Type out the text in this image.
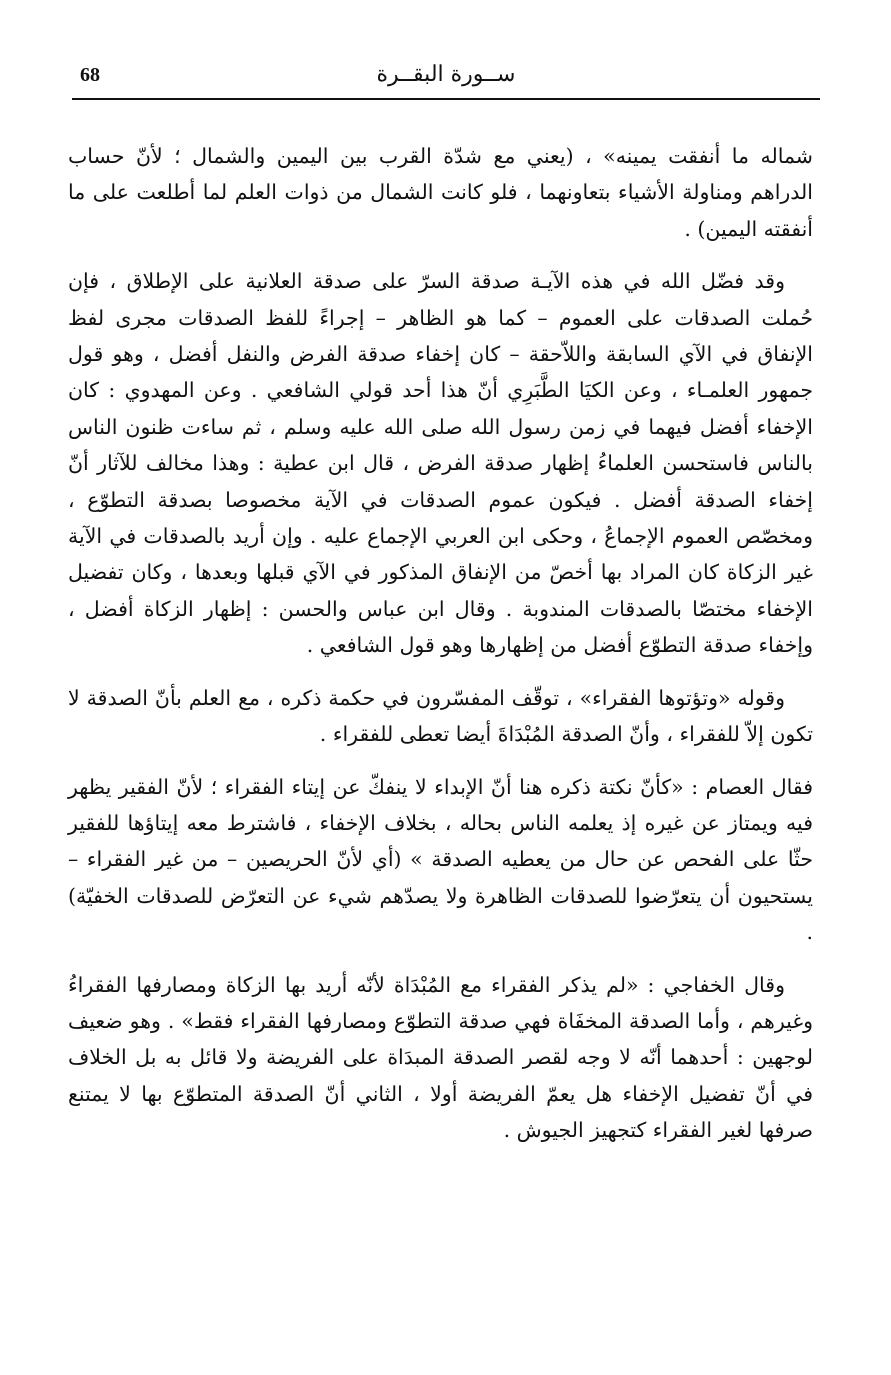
68	ســورة البقــرة

شماله ما أنفقت يمينه» ، (يعني مع شدّة القرب بين اليمين والشمال ؛ لأنّ حساب الدراهم ومناولة الأشياء بتعاونهما ، فلو كانت الشمال من ذوات العلم لما أطلعت على ما أنفقته اليمين) .

وقد فضّل الله في هذه الآيـة صدقة السرّ على صدقة العلانية على الإطلاق ، فإن حُملت الصدقات على العموم – كما هو الظاهر – إجراءً للفظ الصدقات مجرى لفظ الإنفاق في الآي السابقة واللاّحقة – كان إخفاء صدقة الفرض والنفل أفضل ، وهو قول جمهور العلمـاء ، وعن الكيَا الطَّبَرِي أنّ هذا أحد قولي الشافعي . وعن المهدوي : كان الإخفاء أفضل فيهما في زمن رسول الله صلى الله عليه وسلم ، ثم ساءت ظنون الناس بالناس فاستحسن العلماءُ إظهار صدقة الفرض ، قال ابن عطية : وهذا مخالف للآثار أنّ إخفاء الصدقة أفضل . فيكون عموم الصدقات في الآية مخصوصا بصدقة التطوّع ، ومخصّص العموم الإجماعُ ، وحكى ابن العربي الإجماع عليه . وإن أريد بالصدقات في الآية غير الزكاة كان المراد بها أخصّ من الإنفاق المذكور في الآي قبلها وبعدها ، وكان تفضيل الإخفاء مختصّا بالصدقات المندوبة . وقال ابن عباس والحسن : إظهار الزكاة أفضل ، وإخفاء صدقة التطوّع أفضل من إظهارها وهو قول الشافعي .

وقوله «وتؤتوها الفقراء» ، توقّف المفسّرون في حكمة ذكره ، مع العلم بأنّ الصدقة لا تكون إلاّ للفقراء ، وأنّ الصدقة المُبْدَاةَ أيضا تعطى للفقراء .

فقال العصام : «كأنّ نكتة ذكره هنا أنّ الإبداء لا ينفكّ عن إيتاء الفقراء ؛ لأنّ الفقير يظهر فيه ويمتاز عن غيره إذ يعلمه الناس بحاله ، بخلاف الإخفاء ، فاشترط معه إيتاؤها للفقير حثّا على الفحص عن حال من يعطيه الصدقة » (أي لأنّ الحريصين – من غير الفقراء – يستحيون أن يتعرّضوا للصدقات الظاهرة ولا يصدّهم شيء عن التعرّض للصدقات الخفيّة) .

وقال الخفاجي : «لم يذكر الفقراء مع المُبْدَاة لأنّه أريد بها الزكاة ومصارفها الفقراءُ وغيرهم ، وأما الصدقة المخفَاة فهي صدقة التطوّع ومصارفها الفقراء فقط» . وهو ضعيف لوجهين : أحدهما أنّه لا وجه لقصر الصدقة المبدَاة على الفريضة ولا قائل به بل الخلاف في أنّ تفضيل الإخفاء هل يعمّ الفريضة أولا ، الثاني أنّ الصدقة المتطوّع بها لا يمتنع صرفها لغير الفقراء كتجهيز الجيوش .
